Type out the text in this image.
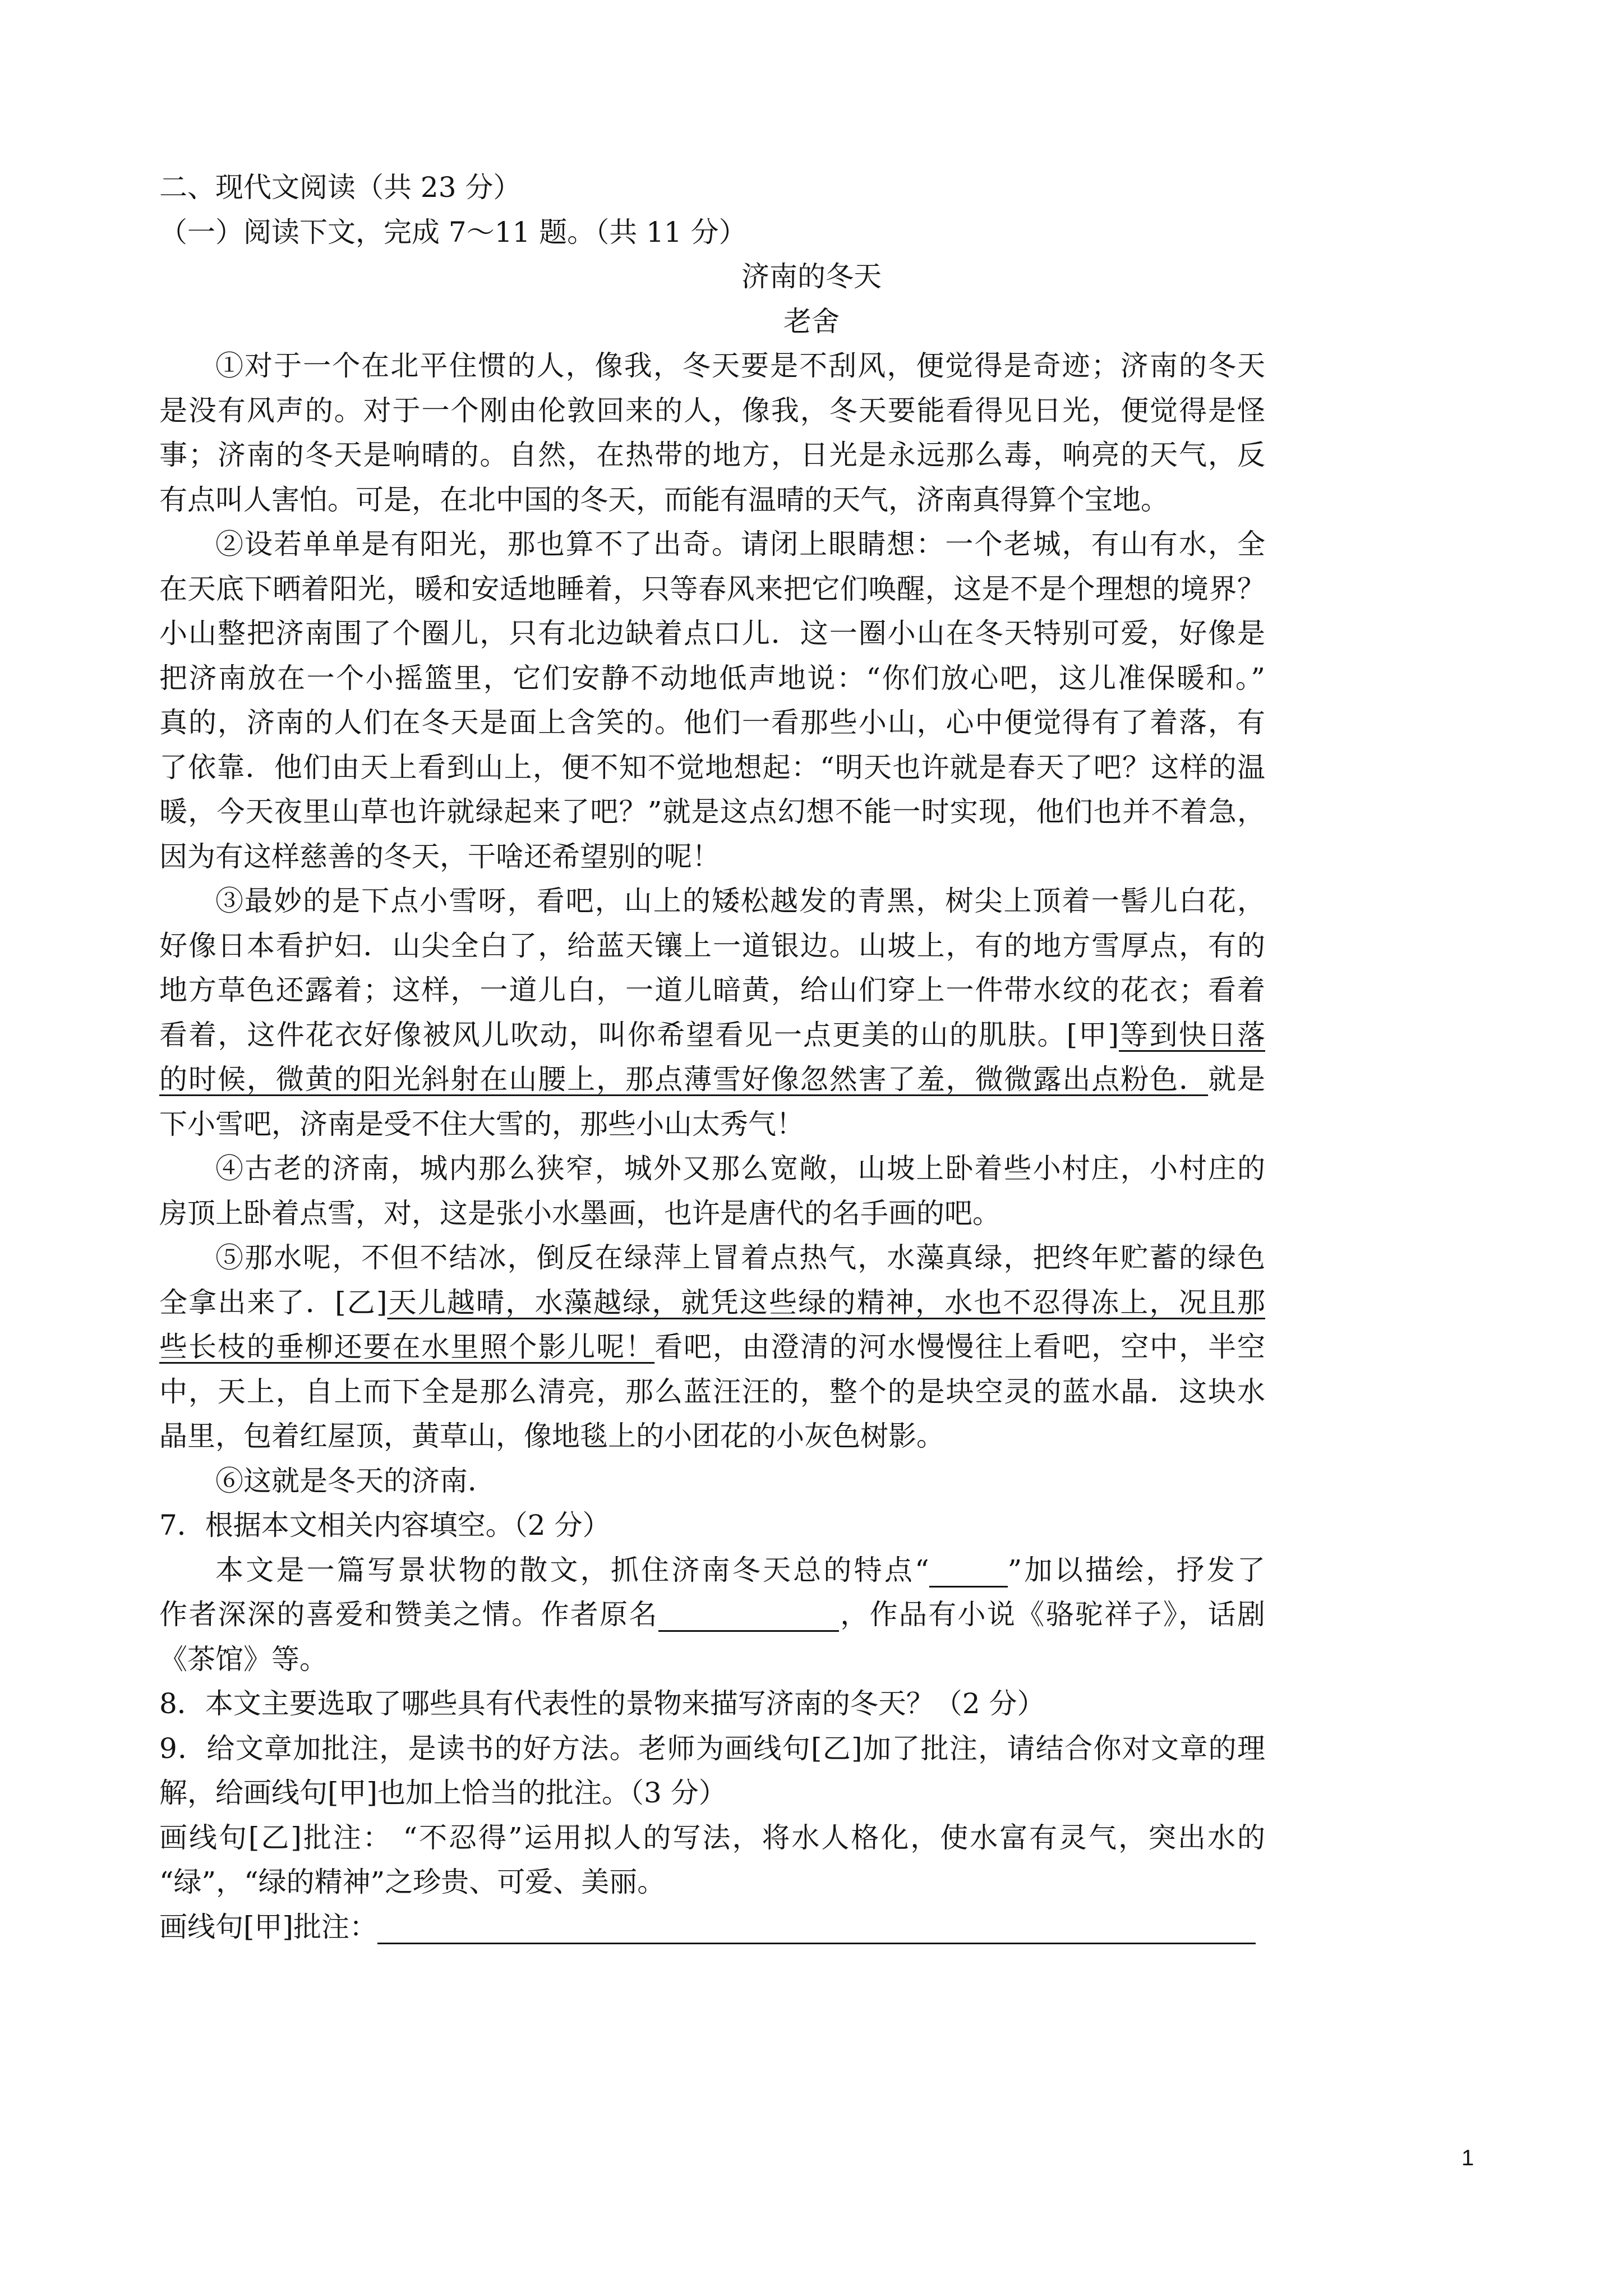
二、现代文阅读（共 23 分）
（一）阅读下文，完成 7～11 题。（共 11 分）
济南的冬天
老舍
①对于一个在北平住惯的人，像我，冬天要是不刮风，便觉得是奇迹；济南的冬天
是没有风声的。对于一个刚由伦敦回来的人，像我，冬天要能看得见日光，便觉得是怪
事；济南的冬天是响晴的。自然，在热带的地方，日光是永远那么毒，响亮的天气，反
有点叫人害怕。可是，在北中国的冬天，而能有温晴的天气，济南真得算个宝地。
②设若单单是有阳光，那也算不了出奇。请闭上眼睛想：一个老城，有山有水，全
在天底下晒着阳光，暖和安适地睡着，只等春风来把它们唤醒，这是不是个理想的境界？
小山整把济南围了个圈儿，只有北边缺着点口儿．这一圈小山在冬天特别可爱，好像是
把济南放在一个小摇篮里，它们安静不动地低声地说：“你们放心吧，这儿准保暖和。”
真的，济南的人们在冬天是面上含笑的。他们一看那些小山，心中便觉得有了着落，有
了依靠．他们由天上看到山上，便不知不觉地想起：“明天也许就是春天了吧？这样的温
暖，今天夜里山草也许就绿起来了吧？”就是这点幻想不能一时实现，他们也并不着急，
因为有这样慈善的冬天，干啥还希望别的呢！
③最妙的是下点小雪呀，看吧，山上的矮松越发的青黑，树尖上顶着一髻儿白花，
好像日本看护妇．山尖全白了，给蓝天镶上一道银边。山坡上，有的地方雪厚点，有的
地方草色还露着；这样，一道儿白，一道儿暗黄，给山们穿上一件带水纹的花衣；看着
看着，这件花衣好像被风儿吹动，叫你希望看见一点更美的山的肌肤。[甲]等到快日落
的时候，微黄的阳光斜射在山腰上，那点薄雪好像忽然害了羞，微微露出点粉色．就是
下小雪吧，济南是受不住大雪的，那些小山太秀气！
④古老的济南，城内那么狭窄，城外又那么宽敞，山坡上卧着些小村庄，小村庄的
房顶上卧着点雪，对，这是张小水墨画，也许是唐代的名手画的吧。
⑤那水呢，不但不结冰，倒反在绿萍上冒着点热气，水藻真绿，把终年贮蓄的绿色
全拿出来了．[乙]天儿越晴，水藻越绿，就凭这些绿的精神，水也不忍得冻上，况且那
些长枝的垂柳还要在水里照个影儿呢！看吧，由澄清的河水慢慢往上看吧，空中，半空
中，天上，自上而下全是那么清亮，那么蓝汪汪的，整个的是块空灵的蓝水晶．这块水
晶里，包着红屋顶，黄草山，像地毯上的小团花的小灰色树影。
⑥这就是冬天的济南．
7．根据本文相关内容填空。（2 分）
本文是一篇写景状物的散文，抓住济南冬天总的特点“	”加以描绘，抒发了
作者深深的喜爱和赞美之情。作者原名	，作品有小说《骆驼祥子》，话剧
《茶馆》等。
8．本文主要选取了哪些具有代表性的景物来描写济南的冬天？（2 分）
9．给文章加批注，是读书的好方法。老师为画线句[乙]加了批注，请结合你对文章的理
解，给画线句[甲]也加上恰当的批注。（3 分）
画线句[乙]批注： “不忍得”运用拟人的写法，将水人格化，使水富有灵气，突出水的
“绿”，“绿的精神”之珍贵、可爱、美丽。
画线句[甲]批注：
1
